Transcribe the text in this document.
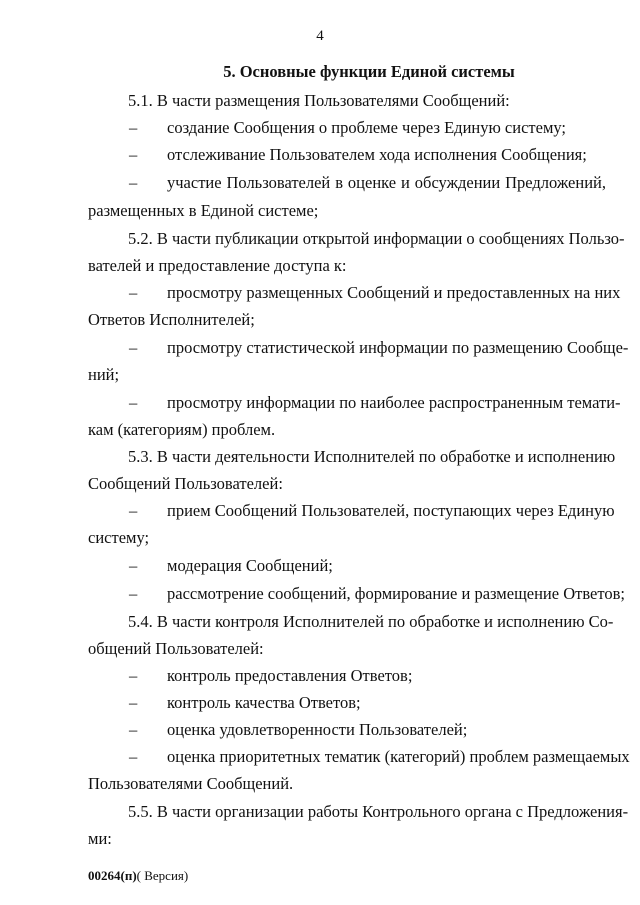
4
5. Основные функции Единой системы
5.1. В части размещения Пользователями Сообщений:
– создание Сообщения о проблеме через Единую систему;
– отслеживание Пользователем хода исполнения Сообщения;
– участие Пользователей в оценке и обсуждении Предложений,
размещенных в Единой системе;
5.2. В части публикации открытой информации о сообщениях Пользо-
вателей и предоставление доступа к:
– просмотру размещенных Сообщений и предоставленных на них
Ответов Исполнителей;
– просмотру статистической информации по размещению Сообще-
ний;
– просмотру информации по наиболее распространенным темати-
кам (категориям) проблем.
5.3. В части деятельности Исполнителей по обработке и исполнению
Сообщений Пользователей:
– прием Сообщений Пользователей, поступающих через Единую
систему;
– модерация Сообщений;
– рассмотрение сообщений, формирование и размещение Ответов;
5.4. В части контроля Исполнителей по обработке и исполнению Со-
общений Пользователей:
– контроль предоставления Ответов;
– контроль качества Ответов;
– оценка удовлетворенности Пользователей;
– оценка приоритетных тематик (категорий) проблем размещаемых
Пользователями Сообщений.
5.5. В части организации работы Контрольного органа с Предложения-
ми:
00264(п)( Версия)
